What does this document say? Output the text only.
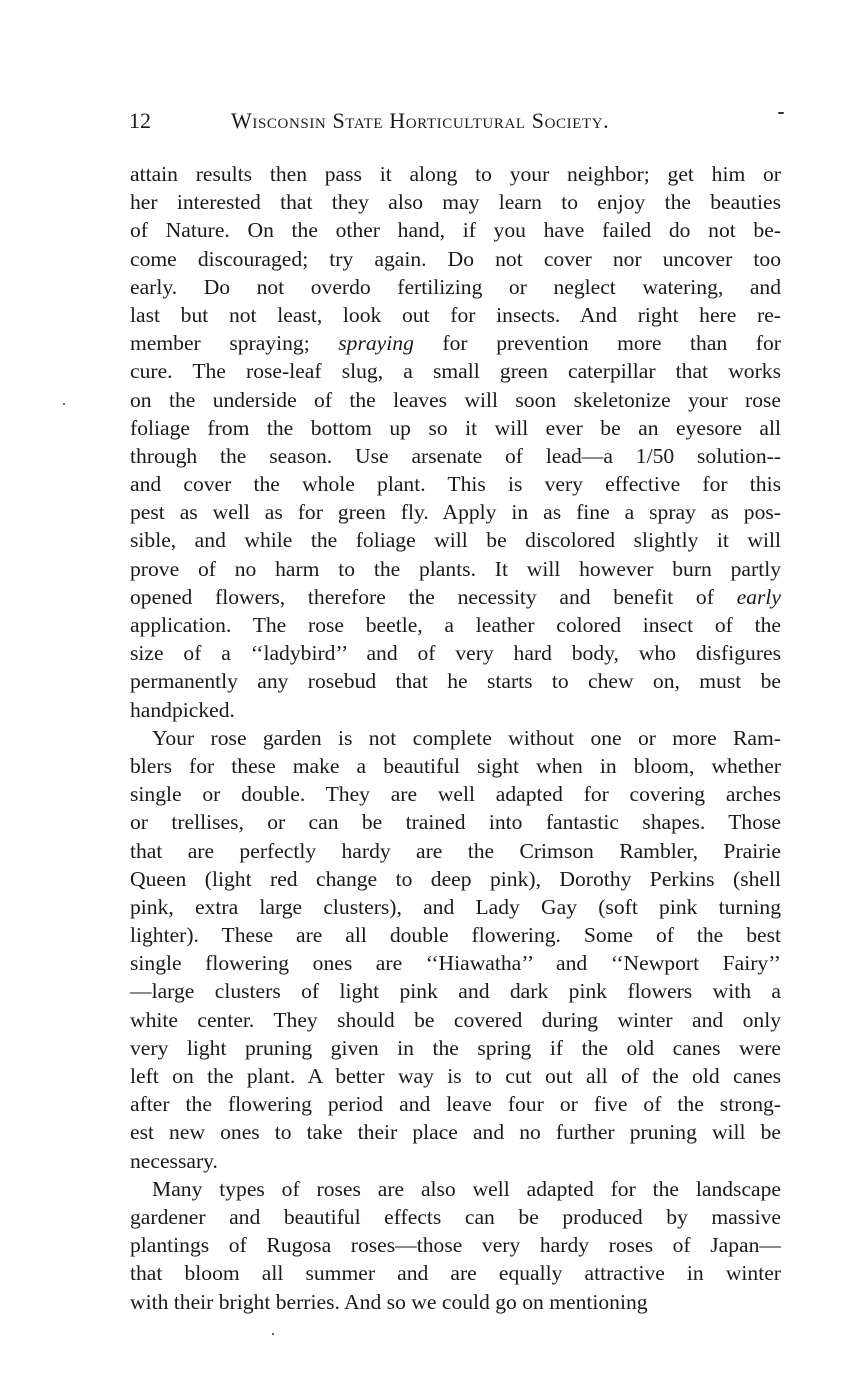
12	Wisconsin State Horticultural Society.
attain results then pass it along to your neighbor; get him or
her interested that they also may learn to enjoy the beauties
of Nature. On the other hand, if you have failed do not be-
come discouraged; try again. Do not cover nor uncover too
early. Do not overdo fertilizing or neglect watering, and
last but not least, look out for insects. And right here re-
member spraying; spraying for prevention more than for
cure. The rose-leaf slug, a small green caterpillar that works
on the underside of the leaves will soon skeletonize your rose
foliage from the bottom up so it will ever be an eyesore all
through the season. Use arsenate of lead—a 1/50 solution--
and cover the whole plant. This is very effective for this
pest as well as for green fly. Apply in as fine a spray as pos-
sible, and while the foliage will be discolored slightly it will
prove of no harm to the plants. It will however burn partly
opened flowers, therefore the necessity and benefit of early
application. The rose beetle, a leather colored insect of the
size of a ‘‘ladybird’’ and of very hard body, who disfigures
permanently any rosebud that he starts to chew on, must be
handpicked.
Your rose garden is not complete without one or more Ram-
blers for these make a beautiful sight when in bloom, whether
single or double. They are well adapted for covering arches
or trellises, or can be trained into fantastic shapes. Those
that are perfectly hardy are the Crimson Rambler, Prairie
Queen (light red change to deep pink), Dorothy Perkins (shell
pink, extra large clusters), and Lady Gay (soft pink turning
lighter). These are all double flowering. Some of the best
single flowering ones are ‘‘Hiawatha’’ and ‘‘Newport Fairy’’
—large clusters of light pink and dark pink flowers with a
white center. They should be covered during winter and only
very light pruning given in the spring if the old canes were
left on the plant. A better way is to cut out all of the old canes
after the flowering period and leave four or five of the strong-
est new ones to take their place and no further pruning will be
necessary.
Many types of roses are also well adapted for the landscape
gardener and beautiful effects can be produced by massive
plantings of Rugosa roses—those very hardy roses of Japan—
that bloom all summer and are equally attractive in winter
with their bright berries. And so we could go on mentioning
